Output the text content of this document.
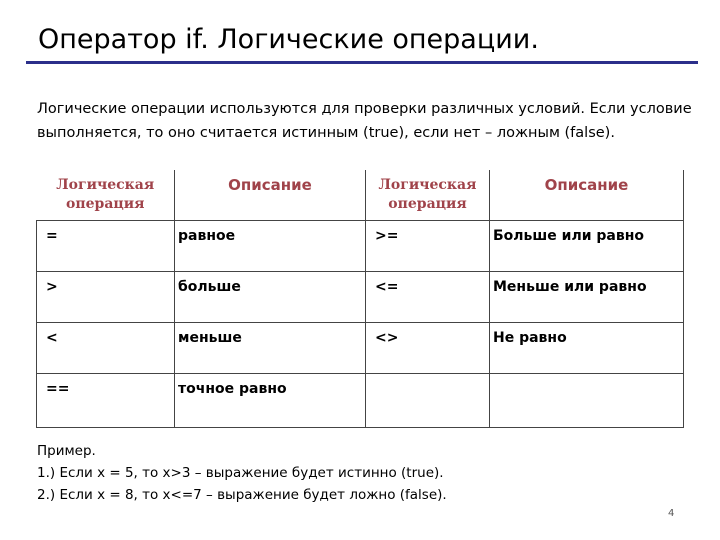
Оператор if. Логические операции.
Логические операции используются для проверки различных условий. Если условие выполняется, то оно считается истинным (true), если нет – ложным (false).
Логическая операция	Описание	Логическая операция	Описание

=	равное	>=	Больше или равно

>	больше	<=	Меньше или равно

<	меньше	<>	Не равно

==	точное равно		

Пример.
1.) Если x = 5, то x>3 – выражение будет истинно (true).
2.) Если x = 8, то x<=7 – выражение будет ложно (false).
4
